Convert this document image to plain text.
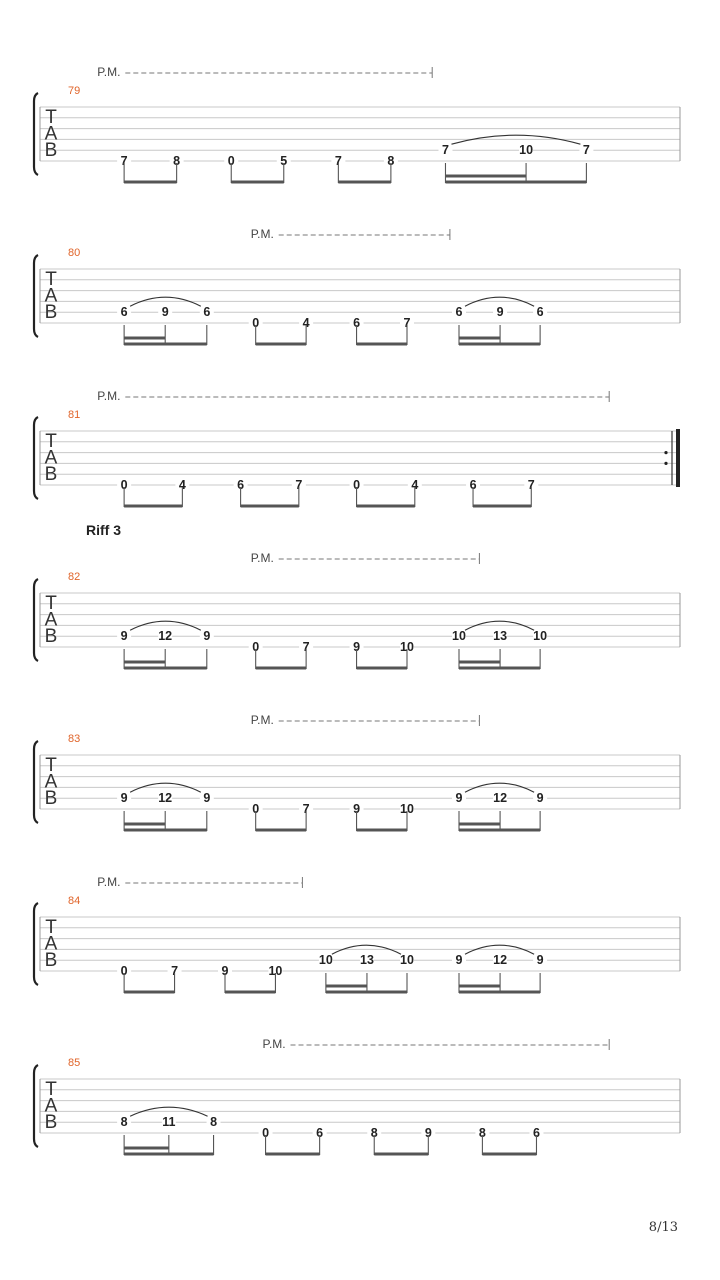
T
A
B
79
P.M.
7	8	0	5	7	8
7	10	7
T
A
B
80
P.M.
6	9	6
0	4	6	7
6	9	6
T
A
B
81
P.M.
0	4	6	7	0	4	6	7
T
A
B
82
Riff 3
P.M.
9 12 9
0	7	9	10
10 13 10
T
A
B
83
P.M.
9 12 9
0	7	9	10
9 12 9
T
A
B
84
P.M.
0	7	9	10
10 13 10	9 12 9
T
A
B
85
P.M.
8	11	8
0	6	8	9	8	6
8/13
